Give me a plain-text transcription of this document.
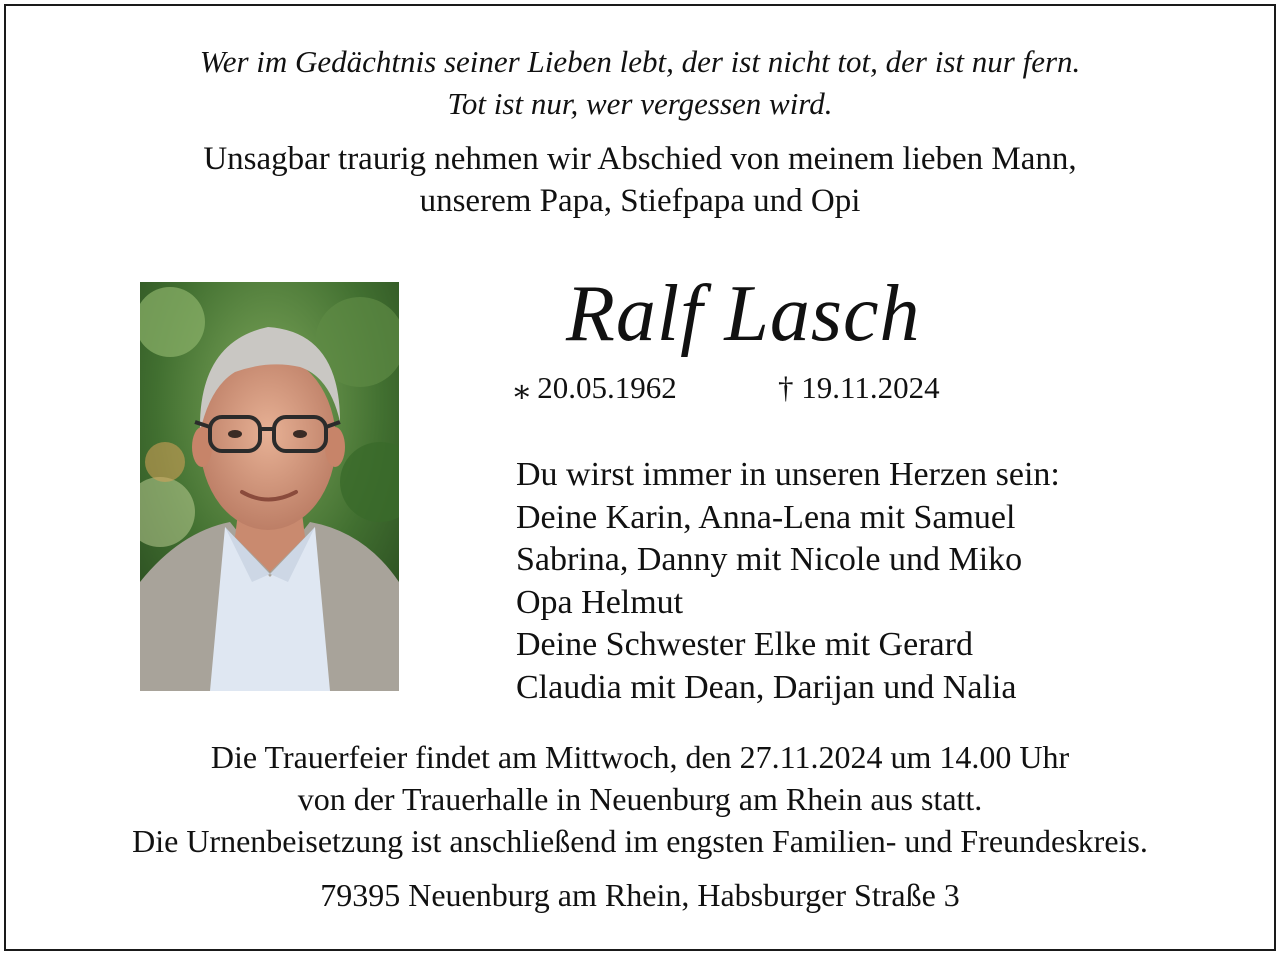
Wer im Gedächtnis seiner Lieben lebt, der ist nicht tot, der ist nur fern.
Tot ist nur, wer vergessen wird.
Unsagbar traurig nehmen wir Abschied von meinem lieben Mann,
unserem Papa, Stiefpapa und Opi
Ralf Lasch
⁎ 20.05.1962	† 19.11.2024
Du wirst immer in unseren Herzen sein:
Deine Karin, Anna-Lena mit Samuel
Sabrina, Danny mit Nicole und Miko
Opa Helmut
Deine Schwester Elke mit Gerard
Claudia mit Dean, Darijan und Nalia
Die Trauerfeier findet am Mittwoch, den 27.11.2024 um 14.00 Uhr
von der Trauerhalle in Neuenburg am Rhein aus statt.
Die Urnenbeisetzung ist anschließend im engsten Familien- und Freundeskreis.
79395 Neuenburg am Rhein, Habsburger Straße 3
